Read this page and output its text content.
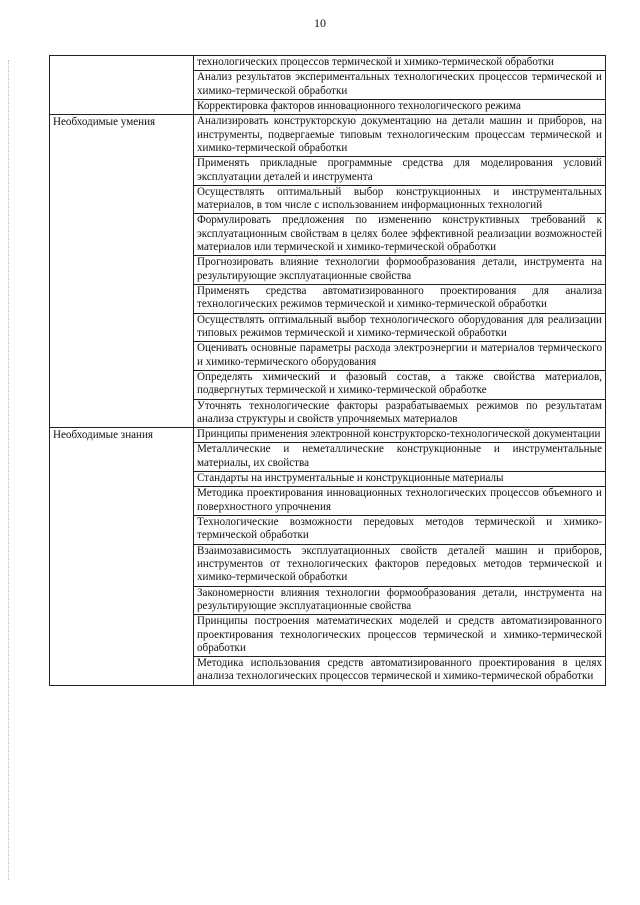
10
	технологических процессов термической и химико-термической обработки
	Анализ результатов экспериментальных технологических процессов термической и химико-термической обработки
	Корректировка факторов инновационного технологического режима
Необходимые умения	Анализировать конструкторскую документацию на детали машин и приборов, на инструменты, подвергаемые типовым технологическим процессам термической и химико-термической обработки
	Применять прикладные программные средства для моделирования условий эксплуатации деталей и инструмента
	Осуществлять оптимальный выбор конструкционных и инструментальных материалов, в том числе с использованием информационных технологий
	Формулировать предложения по изменению конструктивных требований к эксплуатационным свойствам в целях более эффективной реализации возможностей материалов или термической и химико-термической обработки
	Прогнозировать влияние технологии формообразования детали, инструмента на результирующие эксплуатационные свойства
	Применять средства автоматизированного проектирования для анализа технологических режимов термической и химико-термической обработки
	Осуществлять оптимальный выбор технологического оборудования для реализации типовых режимов термической и химико-термической обработки
	Оценивать основные параметры расхода электроэнергии и материалов термического и химико-термического оборудования
	Определять химический и фазовый состав, а также свойства материалов, подвергнутых термической и химико-термической обработке
	Уточнять технологические факторы разрабатываемых режимов по результатам анализа структуры и свойств упрочняемых материалов
Необходимые знания	Принципы применения электронной конструкторско-технологической документации
	Металлические и неметаллические конструкционные и инструментальные материалы, их свойства
	Стандарты на инструментальные и конструкционные материалы
	Методика проектирования инновационных технологических процессов объемного и поверхностного упрочнения
	Технологические возможности передовых методов термической и химико-термической обработки
	Взаимозависимость эксплуатационных свойств деталей машин и приборов, инструментов от технологических факторов передовых методов термической и химико-термической обработки
	Закономерности влияния технологии формообразования детали, инструмента на результирующие эксплуатационные свойства
	Принципы построения математических моделей и средств автоматизированного проектирования технологических процессов термической и химико-термической обработки
	Методика использования средств автоматизированного проектирования в целях анализа технологических процессов термической и химико-термической обработки
